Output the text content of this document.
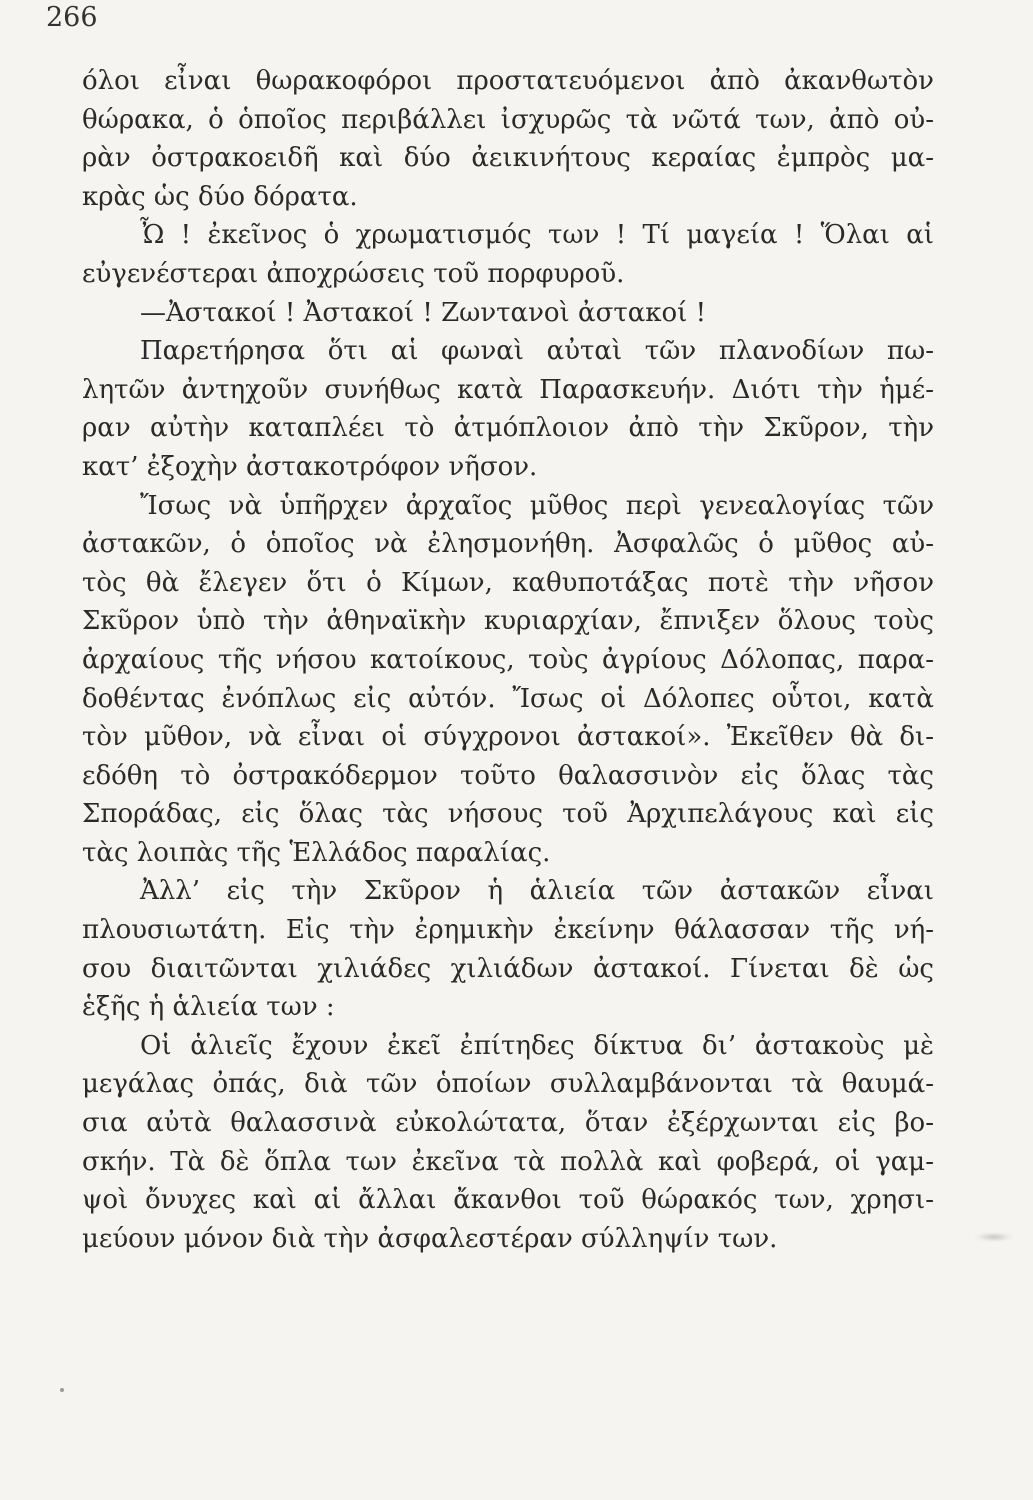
266
όλοι εἶναι θωρακοφόροι προστατευόμενοι ἀπὸ ἀκανθωτὸν
θώρακα, ὁ ὁποῖος περιβάλλει ἰσχυρῶς τὰ νῶτά των, ἀπὸ οὐ-
ρὰν ὀστρακοειδῆ καὶ δύο ἀεικινήτους κεραίας ἐμπρὸς μα-
κρὰς ὡς δύο δόρατα.
Ὦ ! ἐκεῖνος ὁ χρωματισμός των ! Τί μαγεία ! Ὅλαι αἱ
εὐγενέστεραι ἀποχρώσεις τοῦ πορφυροῦ.
—Ἀστακοί ! Ἀστακοί ! Ζωντανοὶ ἀστακοί !
Παρετήρησα ὅτι αἱ φωναὶ αὐταὶ τῶν πλανοδίων πω-
λητῶν ἀντηχοῦν συνήθως κατὰ Παρασκευήν. Διότι τὴν ἡμέ-
ραν αὐτὴν καταπλέει τὸ ἀτμόπλοιον ἀπὸ τὴν Σκῦρον, τὴν
κατ’ ἐξοχὴν ἀστακοτρόφον νῆσον.
Ἴσως νὰ ὑπῆρχεν ἀρχαῖος μῦθος περὶ γενεαλογίας τῶν
ἀστακῶν, ὁ ὁποῖος νὰ ἐλησμονήθη. Ἀσφαλῶς ὁ μῦθος αὐ-
τὸς θὰ ἔλεγεν ὅτι ὁ Κίμων, καθυποτάξας ποτὲ τὴν νῆσον
Σκῦρον ὑπὸ τὴν ἀθηναϊκὴν κυριαρχίαν, ἔπνιξεν ὅλους τοὺς
ἀρχαίους τῆς νήσου κατοίκους, τοὺς ἀγρίους Δόλοπας, παρα-
δοθέντας ἐνόπλως εἰς αὐτόν. Ἴσως οἱ Δόλοπες οὗτοι, κατὰ
τὸν μῦθον, νὰ εἶναι οἱ σύγχρονοι ἀστακοί». Ἐκεῖθεν θὰ δι-
εδόθη τὸ ὀστρακόδερμον τοῦτο θαλασσινὸν εἰς ὅλας τὰς
Σποράδας, εἰς ὅλας τὰς νήσους τοῦ Ἀρχιπελάγους καὶ εἰς
τὰς λοιπὰς τῆς Ἑλλάδος παραλίας.
Ἀλλ’ εἰς τὴν Σκῦρον ἡ ἁλιεία τῶν ἀστακῶν εἶναι
πλουσιωτάτη. Εἰς τὴν ἐρημικὴν ἐκείνην θάλασσαν τῆς νή-
σου διαιτῶνται χιλιάδες χιλιάδων ἀστακοί. Γίνεται δὲ ὡς
ἑξῆς ἡ ἁλιεία των :
Οἱ ἁλιεῖς ἔχουν ἐκεῖ ἐπίτηδες δίκτυα δι’ ἀστακοὺς μὲ
μεγάλας ὀπάς, διὰ τῶν ὁποίων συλλαμβάνονται τὰ θαυμά-
σια αὐτὰ θαλασσινὰ εὐκολώτατα, ὅταν ἐξέρχωνται εἰς βο-
σκήν. Τὰ δὲ ὅπλα των ἐκεῖνα τὰ πολλὰ καὶ φοβερά, οἱ γαμ-
ψοὶ ὄνυχες καὶ αἱ ἄλλαι ἄκανθοι τοῦ θώρακός των, χρησι-
μεύουν μόνον διὰ τὴν ἀσφαλεστέραν σύλληψίν των.
